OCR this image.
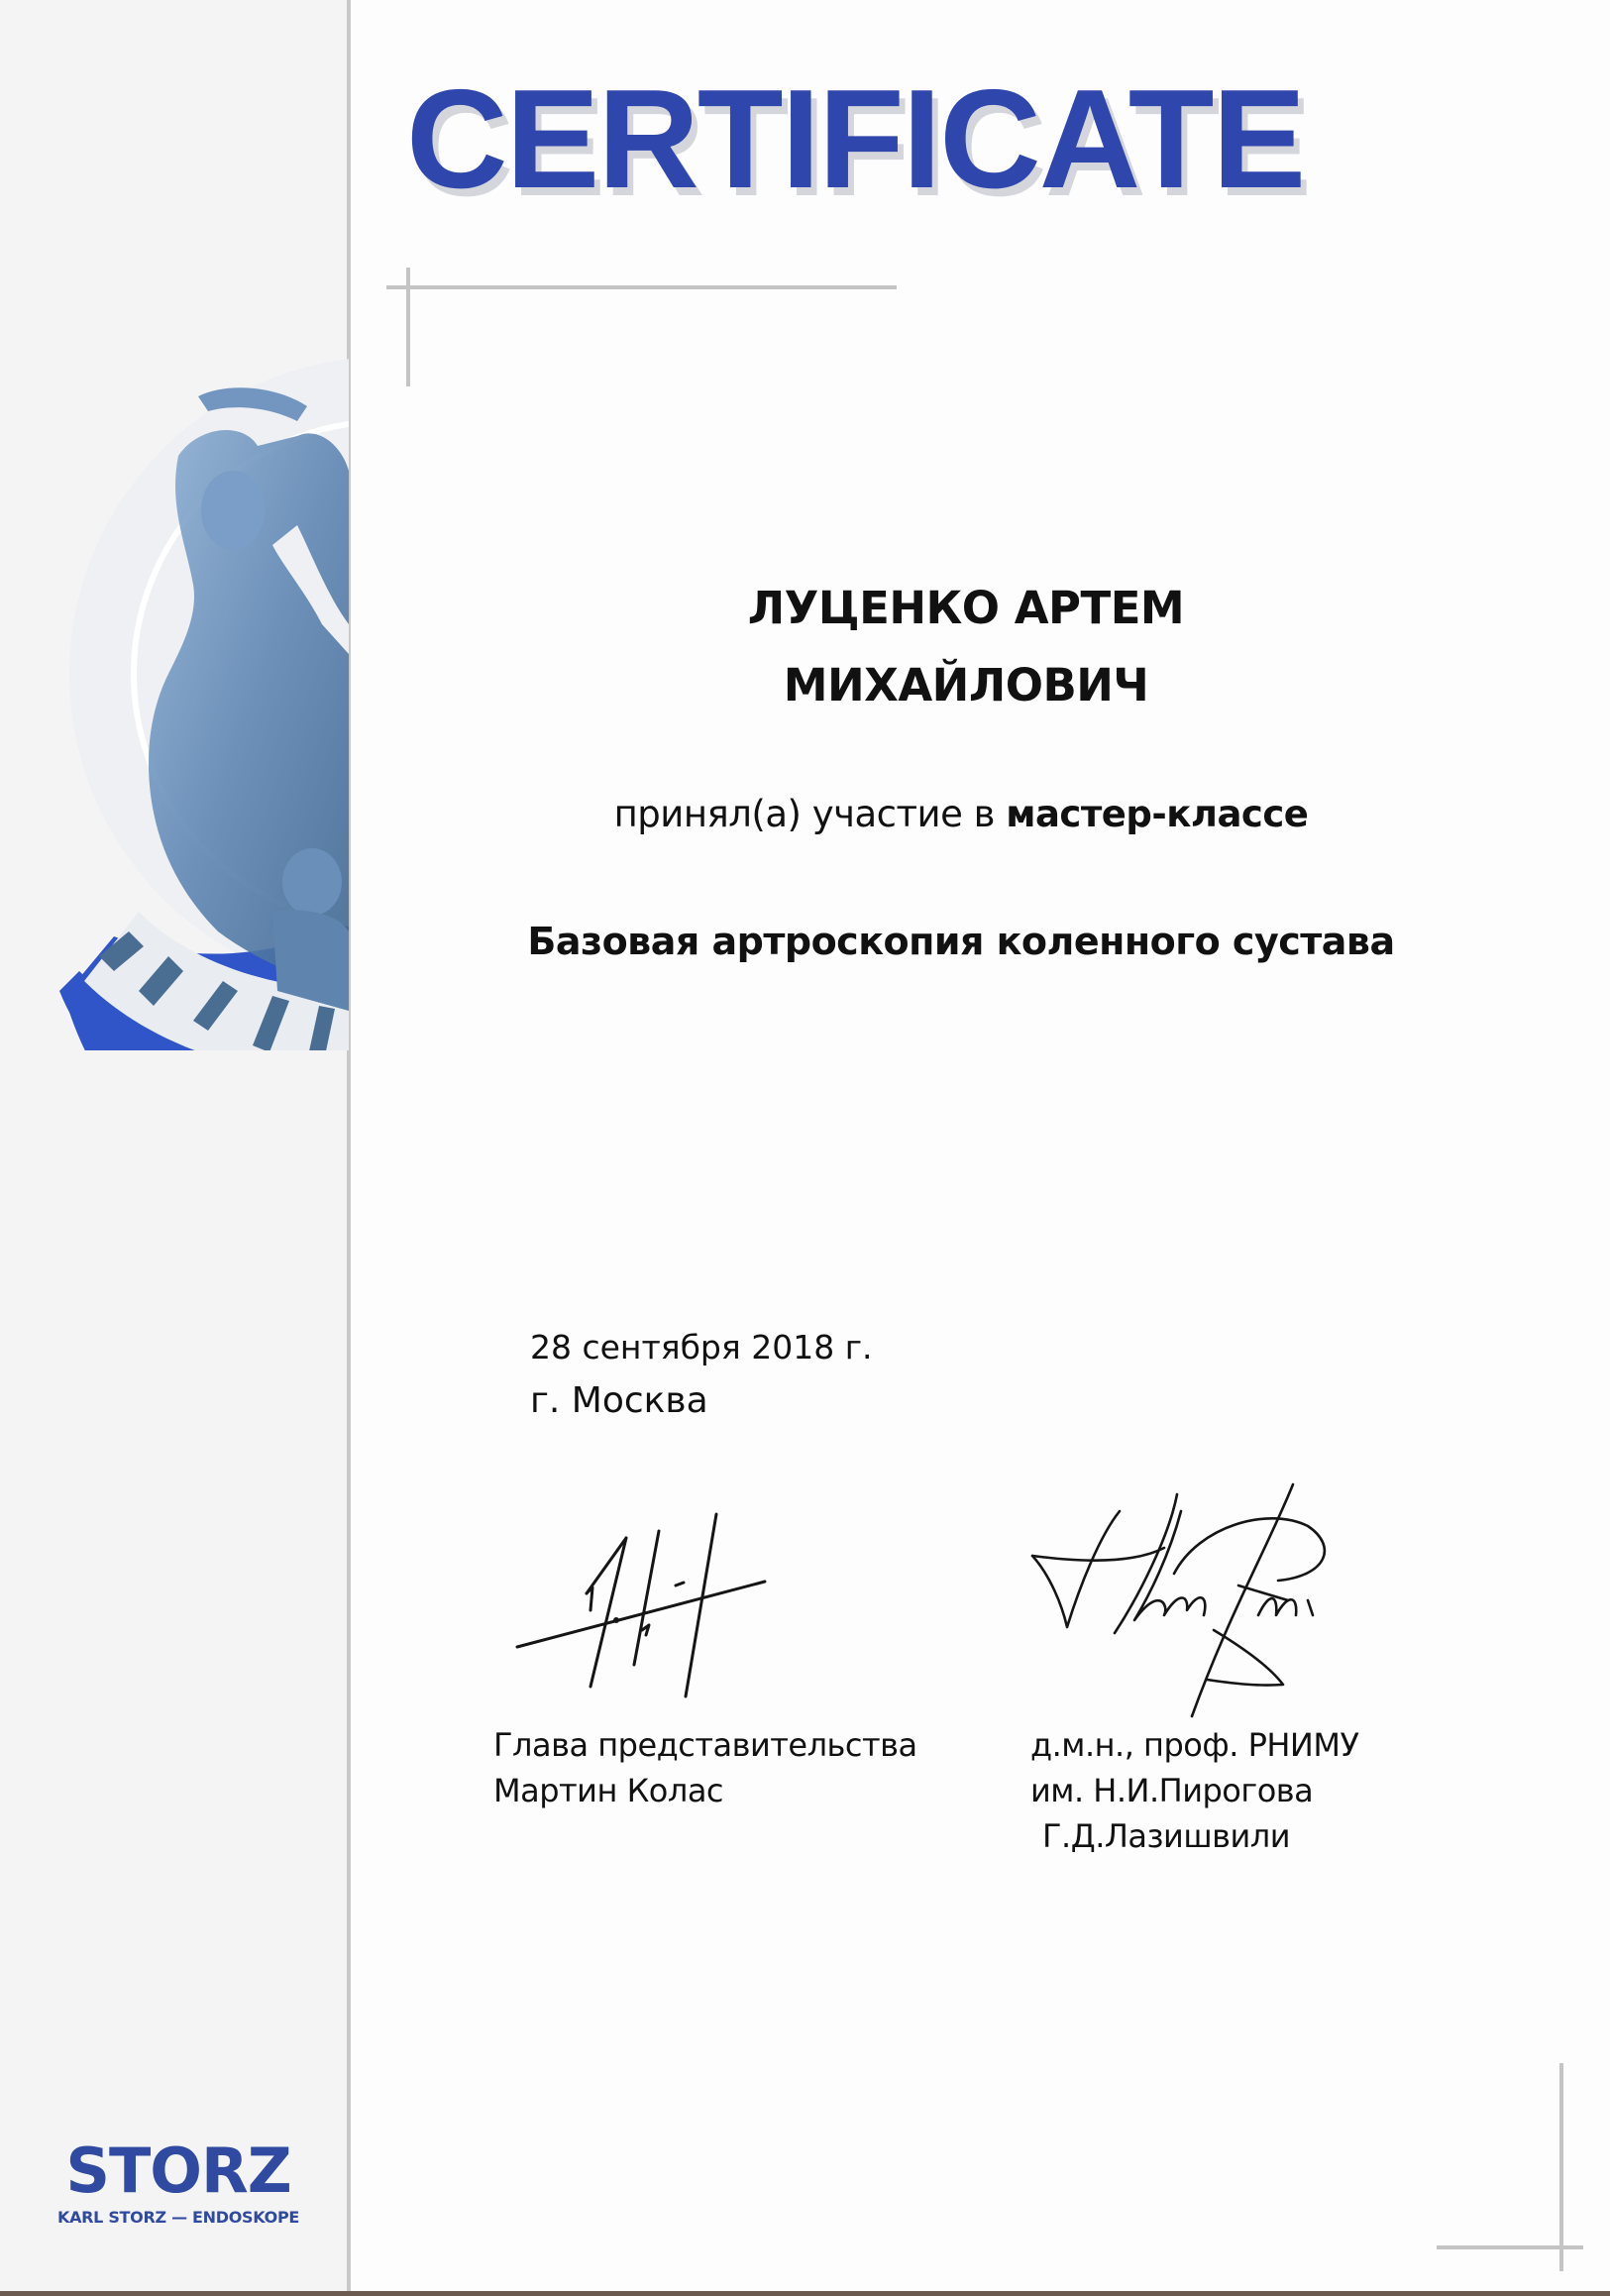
CERTIFICATE
ЛУЦЕНКО АРТЕМ
МИХАЙЛОВИЧ
принял(а) участие в мастер-классе
Базовая артроскопия коленного сустава
28 сентября 2018 г.
г. Москва
Глава представительства
Мартин Колас
д.м.н., проф. РНИМУ
им. Н.И.Пирогова
Г.Д.Лазишвили
STORZ
KARL STORZ — ENDOSKOPE
